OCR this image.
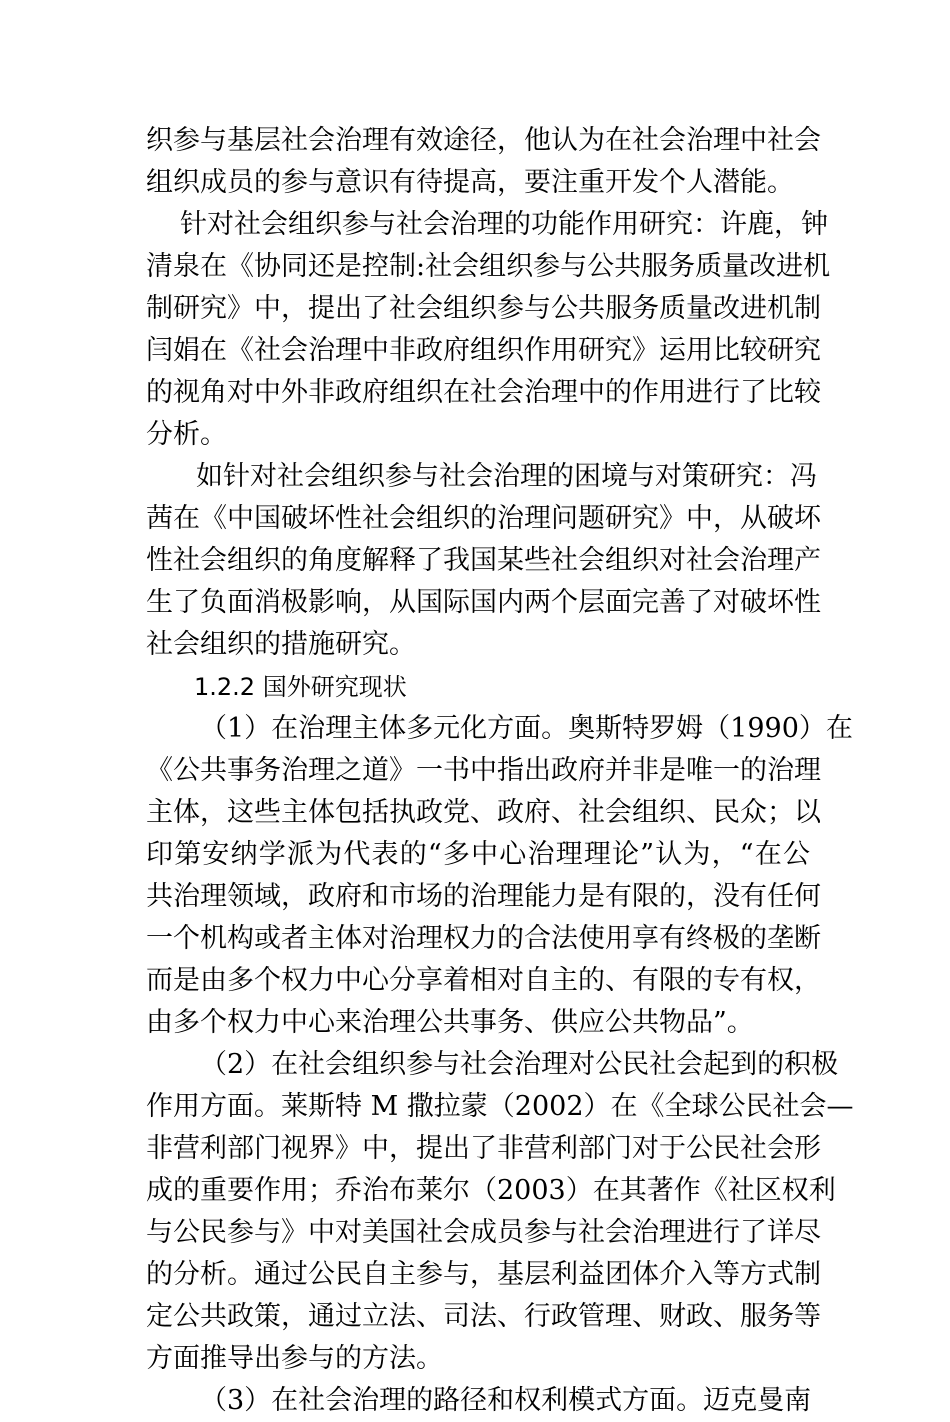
织参与基层社会治理有效途径，他认为在社会治理中社会
组织成员的参与意识有待提高，要注重开发个人潜能。
针对社会组织参与社会治理的功能作用研究：许鹿，钟
清泉在《协同还是控制:社会组织参与公共服务质量改进机
制研究》中，提出了社会组织参与公共服务质量改进机制
闫娟在《社会治理中非政府组织作用研究》运用比较研究
的视角对中外非政府组织在社会治理中的作用进行了比较
分析。
如针对社会组织参与社会治理的困境与对策研究：冯
茜在《中国破坏性社会组织的治理问题研究》中，从破坏
性社会组织的角度解释了我国某些社会组织对社会治理产
生了负面消极影响，从国际国内两个层面完善了对破坏性
社会组织的措施研究。
1.2.2 国外研究现状
（1）在治理主体多元化方面。奥斯特罗姆（1990）在
《公共事务治理之道》一书中指出政府并非是唯一的治理
主体，这些主体包括执政党、政府、社会组织、民众；以
印第安纳学派为代表的“多中心治理理论”认为，“在公
共治理领域，政府和市场的治理能力是有限的，没有任何
一个机构或者主体对治理权力的合法使用享有终极的垄断
而是由多个权力中心分享着相对自主的、有限的专有权，
由多个权力中心来治理公共事务、供应公共物品”。
（2）在社会组织参与社会治理对公民社会起到的积极
作用方面。莱斯特 M 撒拉蒙（2002）在《全球公民社会—
非营利部门视界》中，提出了非营利部门对于公民社会形
成的重要作用；乔治布莱尔（2003）在其著作《社区权利
与公民参与》中对美国社会成员参与社会治理进行了详尽
的分析。通过公民自主参与，基层利益团体介入等方式制
定公共政策，通过立法、司法、行政管理、财政、服务等
方面推导出参与的方法。
（3）在社会治理的路径和权利模式方面。迈克曼南
